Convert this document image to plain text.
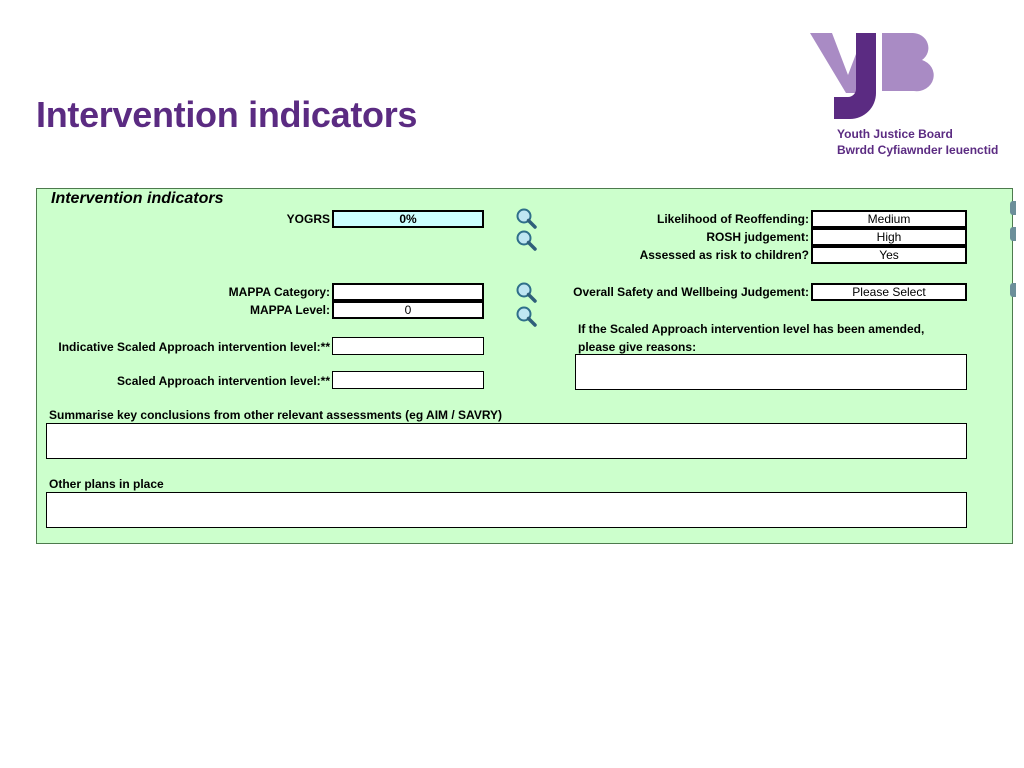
Intervention indicators	Youth Justice Board
Bwrdd Cyfiawnder Ieuenctid
Intervention indicators
YOGRS	0%
MAPPA Category:
MAPPA Level:	0
Indicative Scaled Approach intervention level:**
Scaled Approach intervention level:**
Likelihood of Reoffending:	Medium
ROSH judgement:	High
Assessed as risk to children?	Yes
Overall Safety and Wellbeing Judgement:	Please Select
If the Scaled Approach intervention level has been amended,
please give reasons:
Summarise key conclusions from other relevant assessments (eg AIM / SAVRY)
Other plans in place
